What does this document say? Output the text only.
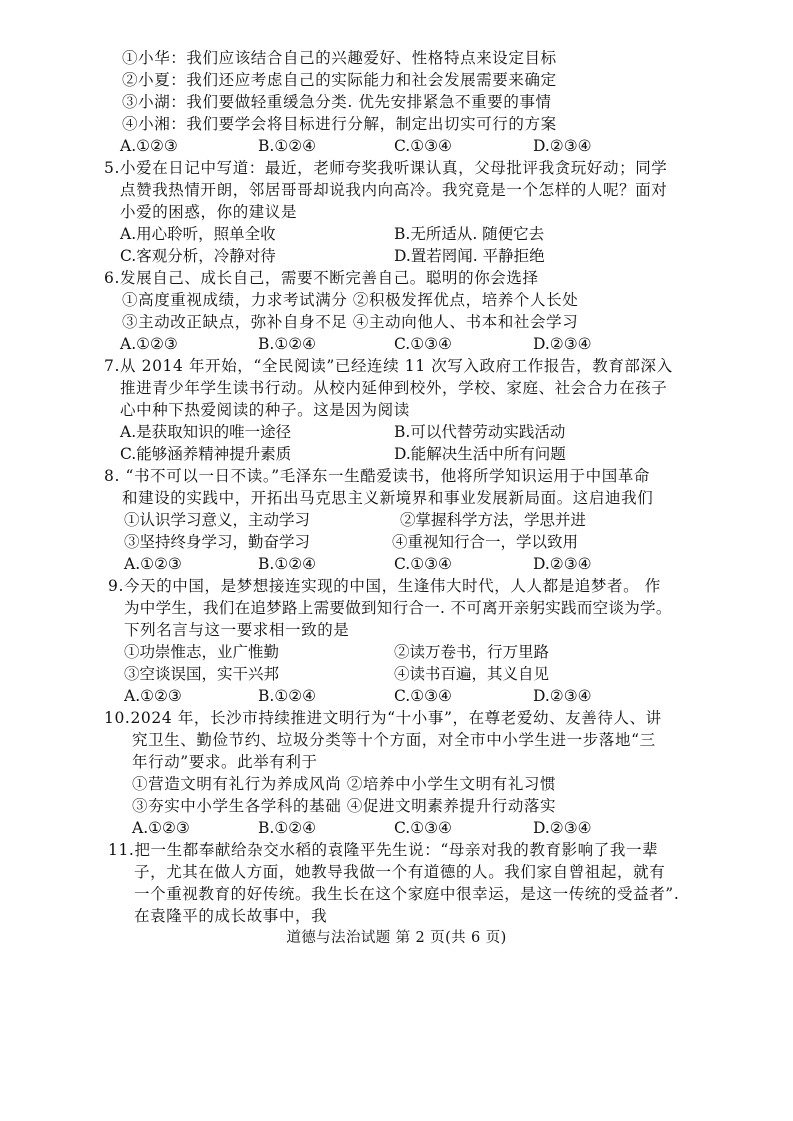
①小华：我们应该结合自己的兴趣爱好、性格特点来设定目标
②小夏：我们还应考虑自己的实际能力和社会发展需要来确定
③小湖：我们要做轻重缓急分类. 优先安排紧急不重要的事情
④小湘：我们要学会将目标进行分解，制定出切实可行的方案
A.①②③	B.①②④	C.①③④	D.②③④
5.小爱在日记中写道：最近，老师夸奖我听课认真，父母批评我贪玩好动；同学
点赞我热情开朗，邻居哥哥却说我内向高冷。我究竟是一个怎样的人呢？面对
小爱的困惑，你的建议是
A.用心聆听，照单全收	B.无所适从. 随便它去
C.客观分析，冷静对待	D.置若罔闻. 平静拒绝
6.发展自己、成长自己，需要不断完善自己。聪明的你会选择
①高度重视成绩，力求考试满分 ②积极发挥优点，培养个人长处
③主动改正缺点，弥补自身不足 ④主动向他人、书本和社会学习
A.①②③	B.①②④	C.①③④	D.②③④
7.从 2014 年开始，“全民阅读”已经连续 11 次写入政府工作报告，教育部深入
推进青少年学生读书行动。从校内延伸到校外，学校、家庭、社会合力在孩子
心中种下热爱阅读的种子。这是因为阅读
A.是获取知识的唯一途径	B.可以代替劳动实践活动
C.能够涵养精神提升素质	D.能解决生活中所有问题
8. “书不可以一日不读。”毛泽东一生酷爱读书，他将所学知识运用于中国革命
和建设的实践中，开拓出马克思主义新境界和事业发展新局面。这启迪我们
①认识学习意义，主动学习	②掌握科学方法，学思并进
③坚持终身学习，勤奋学习	④重视知行合一，学以致用
A.①②③	B.①②④	C.①③④	D.②③④
9.今天的中国，是梦想接连实现的中国，生逢伟大时代，人人都是追梦者。 作
为中学生，我们在追梦路上需要做到知行合一. 不可离开亲躬实践而空谈为学。
下列名言与这一要求相一致的是
①功崇惟志，业广惟勤	②读万卷书，行万里路
③空谈误国，实干兴邦	④读书百遍，其义自见
A.①②③	B.①②④	C.①③④	D.②③④
10.2024 年，长沙市持续推进文明行为“十小事”，在尊老爱幼、友善待人、讲
究卫生、勤俭节约、垃圾分类等十个方面，对全市中小学生进一步落地“三
年行动”要求。此举有利于
①营造文明有礼行为养成风尚 ②培养中小学生文明有礼习惯
③夯实中小学生各学科的基础 ④促进文明素养提升行动落实
A.①②③	B.①②④	C.①③④	D.②③④
11.把一生都奉献给杂交水稻的袁隆平先生说：“母亲对我的教育影响了我一辈
子，尤其在做人方面，她教导我做一个有道德的人。我们家自曾祖起，就有
一个重视教育的好传统。我生长在这个家庭中很幸运，是这一传统的受益者”.
在袁隆平的成长故事中，我
道德与法治试题 第 2 页(共 6 页)
